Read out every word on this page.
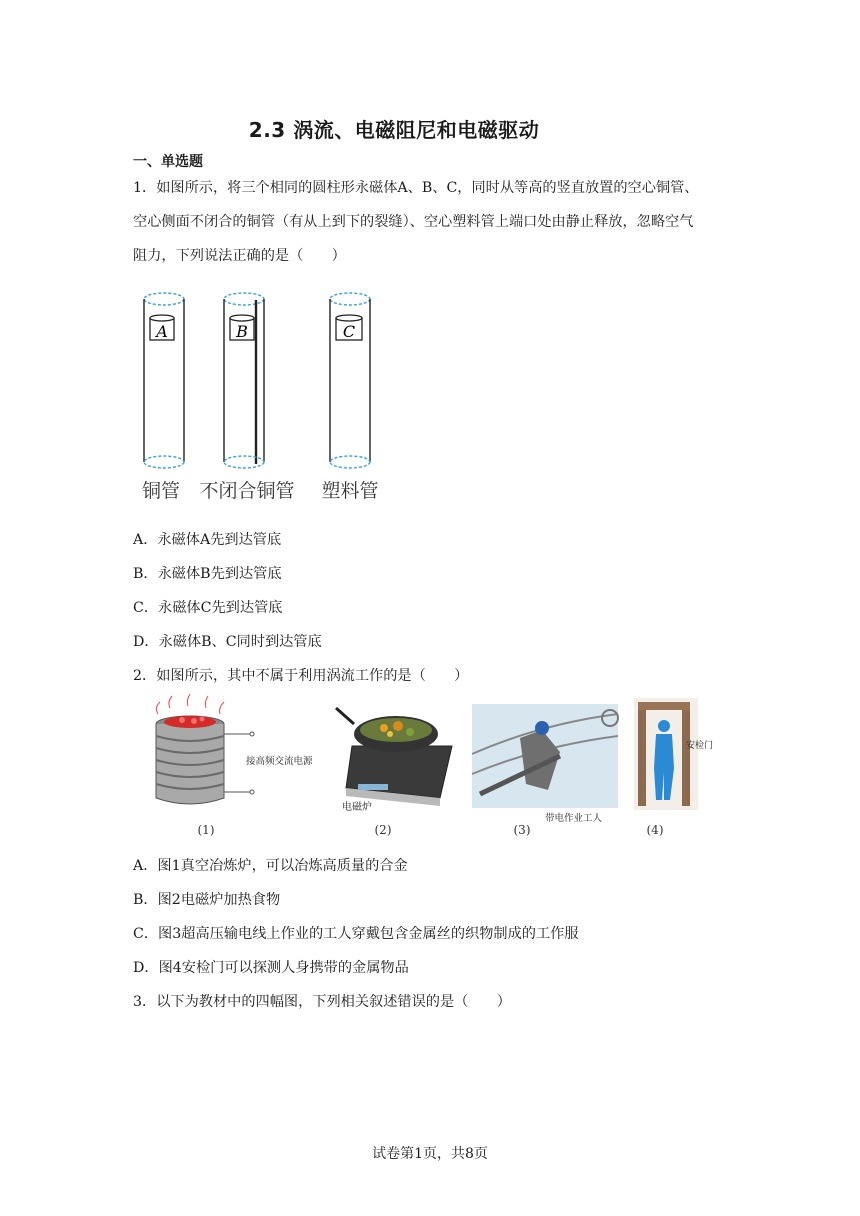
2.3 涡流、电磁阻尼和电磁驱动
一、单选题
1．如图所示，将三个相同的圆柱形永磁体A、B、C，同时从等高的竖直放置的空心铜管、
空心侧面不闭合的铜管（有从上到下的裂缝）、空心塑料管上端口处由静止释放，忽略空气
阻力，下列说法正确的是（　　）
A	B	C
铜管 不闭合铜管 塑料管
A．永磁体A先到达管底
B．永磁体B先到达管底
C．永磁体C先到达管底
D．永磁体B、C同时到达管底
2．如图所示，其中不属于利用涡流工作的是（　　）
接高频交流电源
(1)
电磁炉
(2)
带电作业工人
(3)
安检门
(4)
A．图1真空冶炼炉，可以冶炼高质量的合金
B．图2电磁炉加热食物
C．图3超高压输电线上作业的工人穿戴包含金属丝的织物制成的工作服
D．图4安检门可以探测人身携带的金属物品
3．以下为教材中的四幅图，下列相关叙述错误的是（　　）
试卷第1页，共8页
